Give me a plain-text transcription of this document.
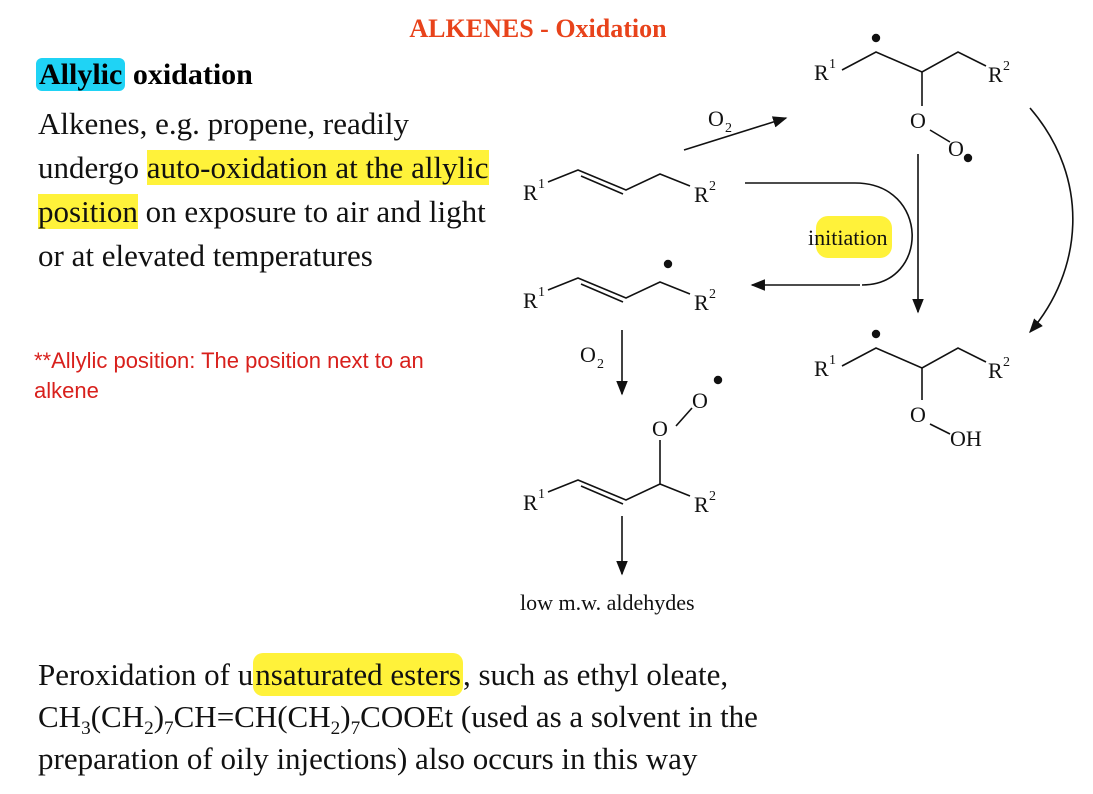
ALKENES - Oxidation
Allylic oxidation

Alkenes, e.g. propene, readily undergo auto-oxidation at the allylic position on exposure to air and light or at elevated temperatures

**Allylic position: The position next to an alkene
R 1	R 2
R 1	R 2
R 1	R 2
O
O
R 1	R 2
O
O
R 1	R 2
O
OH
O 2
O 2
initiation
low m.w. aldehydes

Peroxidation of unsaturated esters, such as ethyl oleate,

$CH_3(CH_2)_7CH=CH(CH_2)_7COOEt$ (used as a solvent in the

preparation of oily injections) also occurs in this way
